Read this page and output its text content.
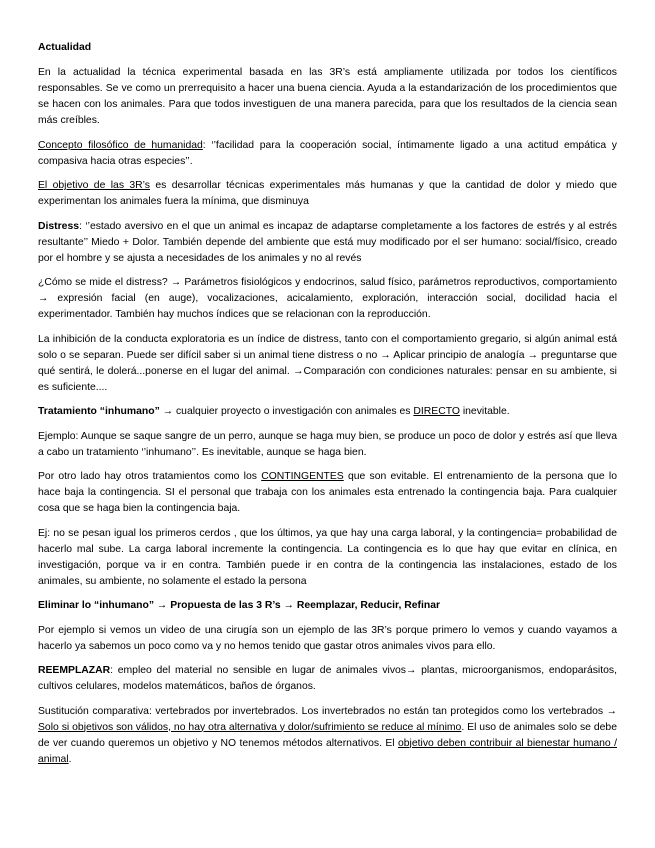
Actualidad

En la actualidad la técnica experimental basada en las 3R’s está ampliamente utilizada por todos los científicos responsables. Se ve como un prerrequisito a hacer una buena ciencia. Ayuda a la estandarización de los procedimientos que se hacen con los animales. Para que todos investiguen de una manera parecida, para que los resultados de la ciencia sean más creíbles.

Concepto filosófico de humanidad: ‘’facilidad para la cooperación social, íntimamente ligado a una actitud empática y compasiva hacia otras especies’’.

El objetivo de las 3R’s es desarrollar técnicas experimentales más humanas y que la cantidad de dolor y miedo que experimentan los animales fuera la mínima, que disminuya

Distress: ‘’estado aversivo en el que un animal es incapaz de adaptarse completamente a los factores de estrés y al estrés resultante’’ Miedo + Dolor. También depende del ambiente que está muy modificado por el ser humano: social/físico, creado por el hombre y se ajusta a necesidades de los animales y no al revés

¿Cómo se mide el distress? → Parámetros fisiológicos y endocrinos, salud físico, parámetros reproductivos, comportamiento → expresión facial (en auge), vocalizaciones, acicalamiento, exploración, interacción social, docilidad hacia el experimentador. También hay muchos índices que se relacionan con la reproducción.

La inhibición de la conducta exploratoria es un índice de distress, tanto con el comportamiento gregario, si algún animal está solo o se separan. Puede ser difícil saber si un animal tiene distress o no → Aplicar principio de analogía → preguntarse que qué sentirá, le dolerá...ponerse en el lugar del animal. →Comparación con condiciones naturales: pensar en su ambiente, si es suficiente....

Tratamiento “inhumano” → cualquier proyecto o investigación con animales es DIRECTO inevitable.

Ejemplo: Aunque se saque sangre de un perro, aunque se haga muy bien, se produce un poco de dolor y estrés así que lleva a cabo un tratamiento ‘’inhumano’’. Es inevitable, aunque se haga bien.

Por otro lado hay otros tratamientos como los CONTINGENTES que son evitable. El entrenamiento de la persona que lo hace baja la contingencia. SI el personal que trabaja con los animales esta entrenado la contingencia baja. Para cualquier cosa que se haga bien la contingencia baja.

Ej: no se pesan igual los primeros cerdos , que los últimos, ya que hay una carga laboral, y la contingencia= probabilidad de hacerlo mal sube. La carga laboral incremente la contingencia. La contingencia es lo que hay que evitar en clínica, en investigación, porque va ir en contra. También puede ir en contra de la contingencia las instalaciones, estado de los animales, su ambiente, no solamente el estado la persona

Eliminar lo “inhumano” → Propuesta de las 3 R’s → Reemplazar, Reducir, Refinar

Por ejemplo si vemos un video de una cirugía son un ejemplo de las 3R’s porque primero lo vemos y cuando vayamos a hacerlo ya sabemos un poco como va y no hemos tenido que gastar otros animales vivos para ello.

REEMPLAZAR: empleo del material no sensible en lugar de animales vivos→ plantas, microorganismos, endoparásitos, cultivos celulares, modelos matemáticos, baños de órganos.

Sustitución comparativa: vertebrados por invertebrados. Los invertebrados no están tan protegidos como los vertebrados → Solo si objetivos son válidos, no hay otra alternativa y dolor/sufrimiento se reduce al mínimo. El uso de animales solo se debe de ver cuando queremos un objetivo y NO tenemos métodos alternativos. El objetivo deben contribuir al bienestar humano / animal.
